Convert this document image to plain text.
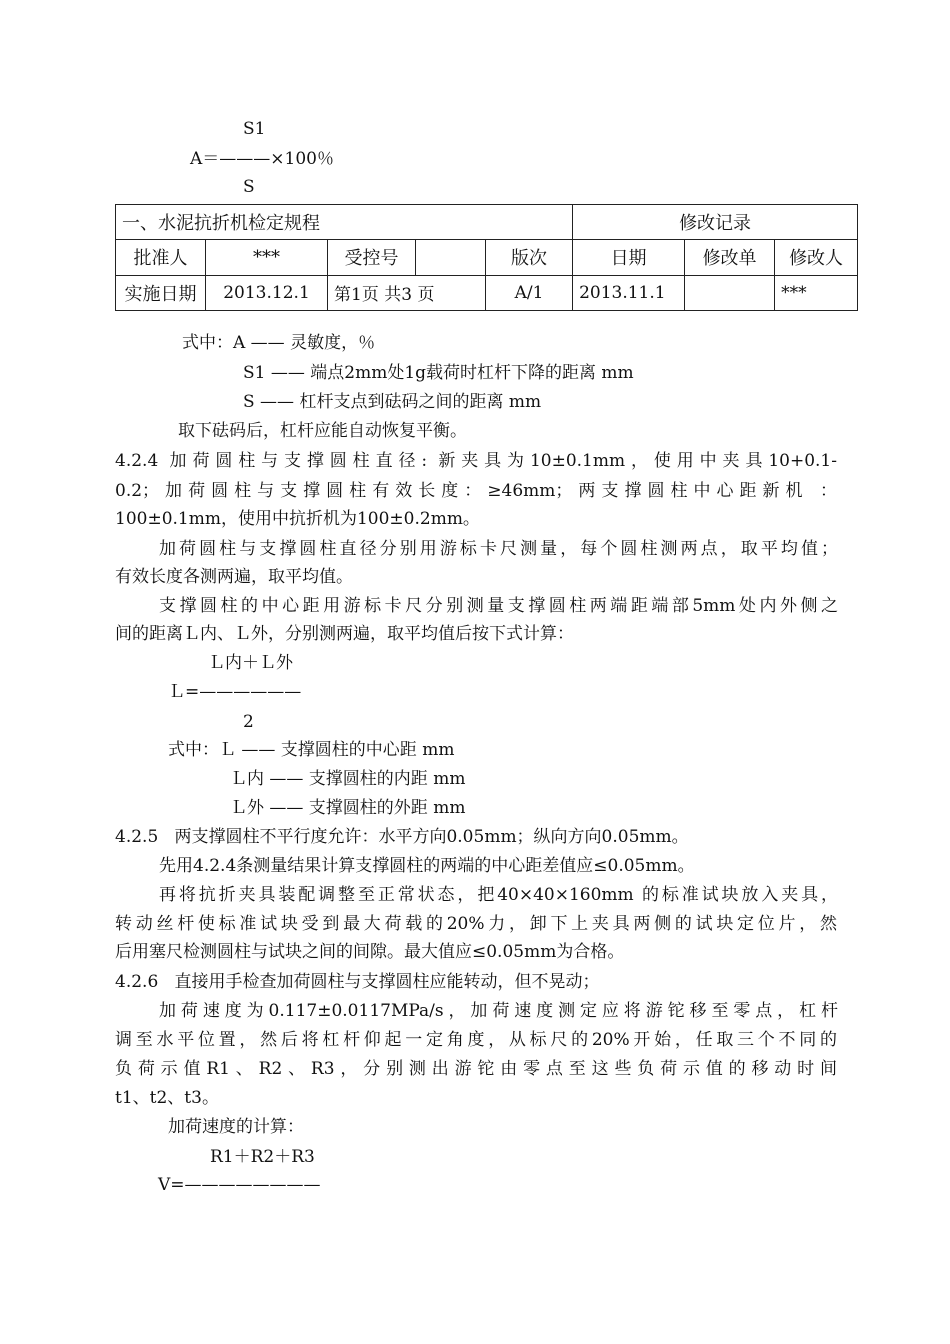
S1
A＝———×100％
S
一、水泥抗折机检定规程					修改记录		
批准人	***	受控号		版次	日期	修改单	修改人
实施日期	2013.12.1	第1页 共3 页		A/1	2013.11.1		***
式中：A —— 灵敏度，％
S1 —— 端点2mm处1g载荷时杠杆下降的距离 mm
S —— 杠杆支点到砝码之间的距离 mm
取下砝码后，杠杆应能自动恢复平衡。
4.2.4 加荷圆柱与支撑圆柱直径: 新夹具为10±0.1mm，使用中夹具10+0.1-
0.2；加荷圆柱与支撑圆柱有效长度：≥46mm；两支撑圆柱中心距新机 ：
100±0.1mm，使用中抗折机为100±0.2mm。
加荷圆柱与支撑圆柱直径分别用游标卡尺测量，每个圆柱测两点，取平均值；
有效长度各测两遍，取平均值。
支撑圆柱的中心距用游标卡尺分别测量支撑圆柱两端距端部5mm处内外侧之
间的距离Ｌ内、Ｌ外，分别测两遍，取平均值后按下式计算：
Ｌ内＋Ｌ外
Ｌ=——————
2
式中：Ｌ —— 支撑圆柱的中心距 mm
Ｌ内 —— 支撑圆柱的内距 mm
Ｌ外 —— 支撑圆柱的外距 mm
4.2.5   两支撑圆柱不平行度允许：水平方向0.05mm；纵向方向0.05mm。
先用4.2.4条测量结果计算支撑圆柱的两端的中心距差值应≤0.05mm。
再将抗折夹具装配调整至正常状态，把40×40×160mm 的标准试块放入夹具，
转动丝杆使标准试块受到最大荷载的20%力，卸下上夹具两侧的试块定位片，然
后用塞尺检测圆柱与试块之间的间隙。最大值应≤0.05mm为合格。
4.2.6   直接用手检查加荷圆柱与支撑圆柱应能转动，但不晃动；
加荷速度为0.117±0.0117MPa/s，加荷速度测定应将游铊移至零点，杠杆
调至水平位置，然后将杠杆仰起一定角度，从标尺的20%开始，任取三个不同的
负荷示值R1、R2、R3，分别测出游铊由零点至这些负荷示值的移动时间
t1、t2、t3。
加荷速度的计算：
R1＋R2＋R3
V=————————
